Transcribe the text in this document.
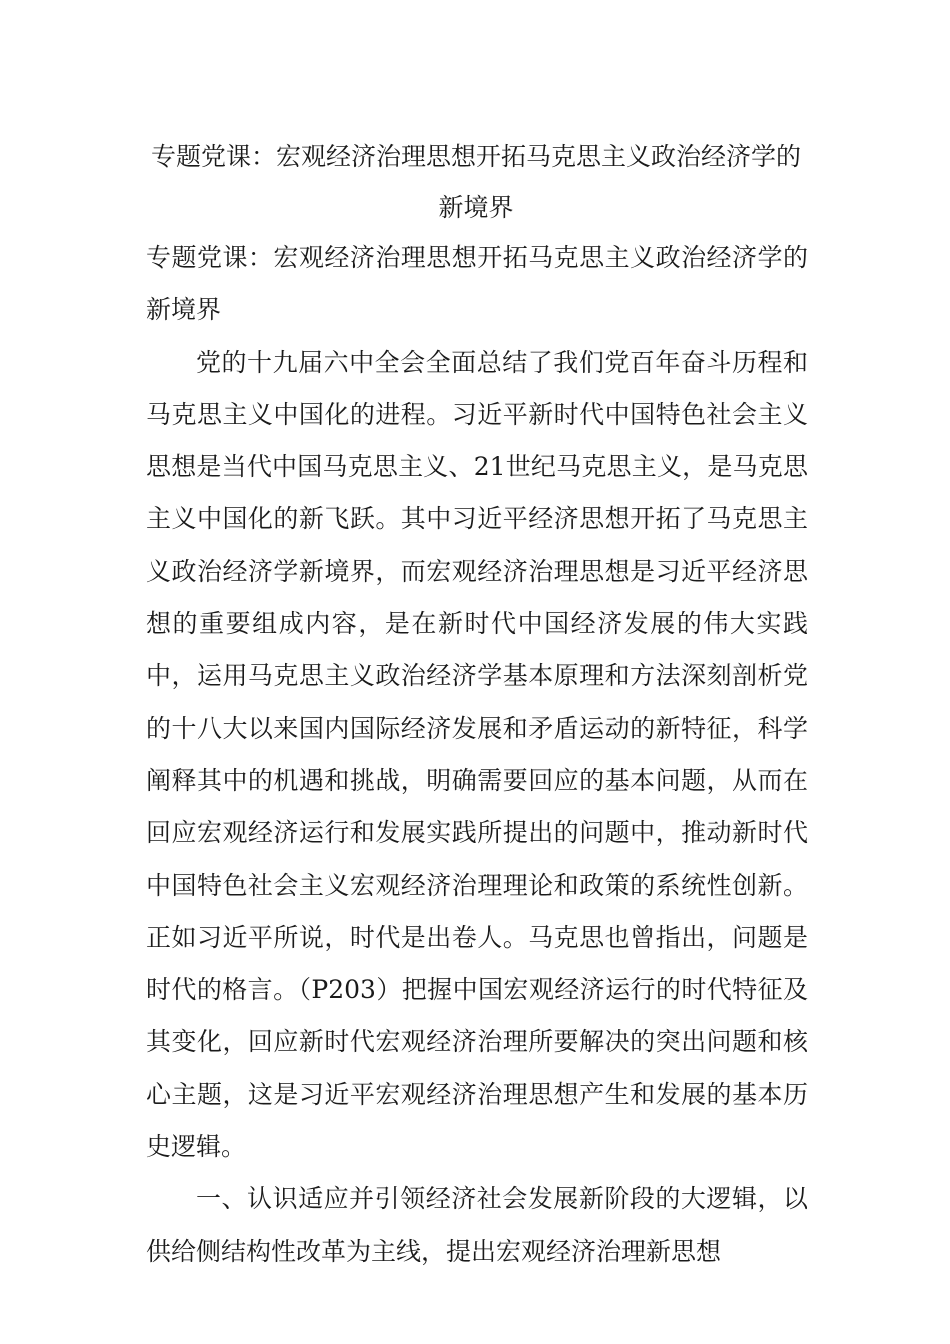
专题党课：宏观经济治理思想开拓马克思主义政治经济学的新境界

专题党课：宏观经济治理思想开拓马克思主义政治经济学的新境界

党的十九届六中全会全面总结了我们党百年奋斗历程和马克思主义中国化的进程。习近平新时代中国特色社会主义思想是当代中国马克思主义、21世纪马克思主义，是马克思主义中国化的新飞跃。其中习近平经济思想开拓了马克思主义政治经济学新境界，而宏观经济治理思想是习近平经济思想的重要组成内容，是在新时代中国经济发展的伟大实践中，运用马克思主义政治经济学基本原理和方法深刻剖析党的十八大以来国内国际经济发展和矛盾运动的新特征，科学阐释其中的机遇和挑战，明确需要回应的基本问题，从而在回应宏观经济运行和发展实践所提出的问题中，推动新时代中国特色社会主义宏观经济治理理论和政策的系统性创新。正如习近平所说，时代是出卷人。马克思也曾指出，问题是时代的格言。（P203）把握中国宏观经济运行的时代特征及其变化，回应新时代宏观经济治理所要解决的突出问题和核心主题，这是习近平宏观经济治理思想产生和发展的基本历史逻辑。

一、认识适应并引领经济社会发展新阶段的大逻辑，以供给侧结构性改革为主线，提出宏观经济治理新思想
